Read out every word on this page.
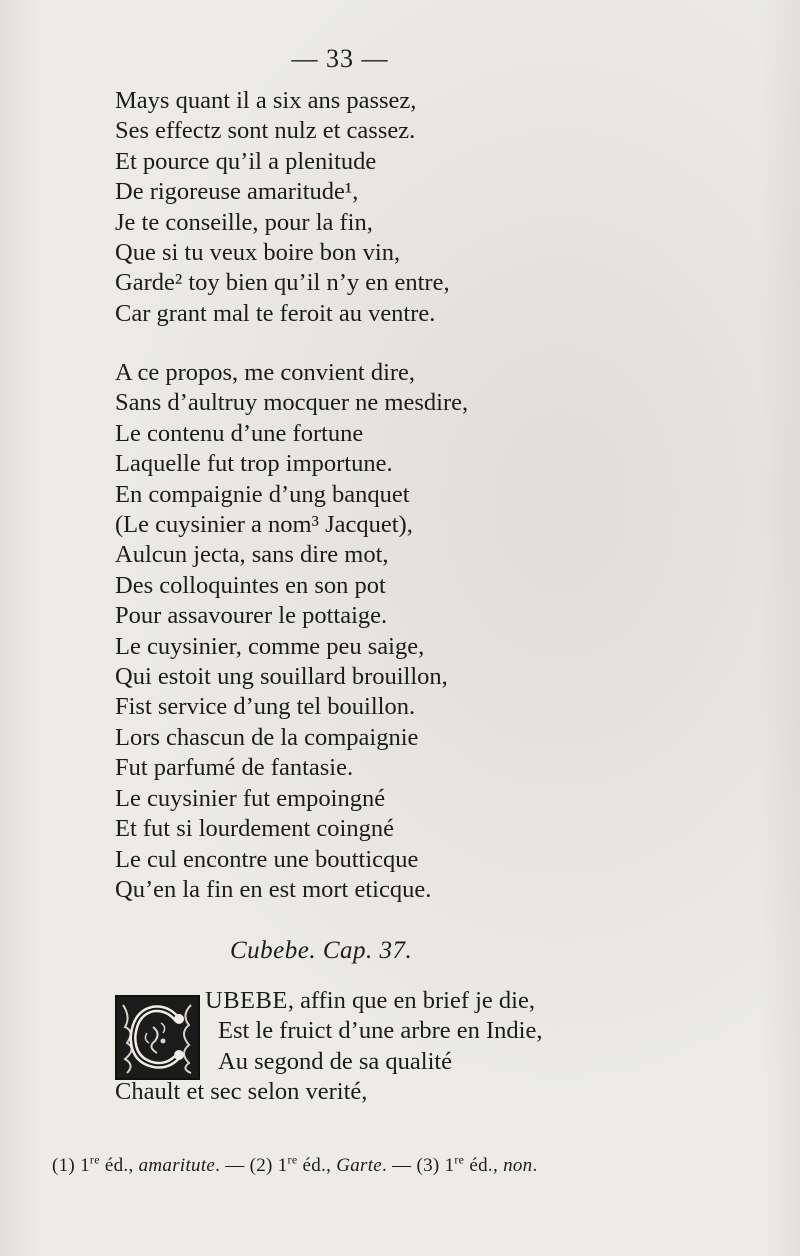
— 33 —
Mays quant il a six ans passez,
Ses effectz sont nulz et cassez.
Et pource qu’il a plenitude
De rigoreuse amaritude¹,
Je te conseille, pour la fin,
Que si tu veux boire bon vin,
Garde² toy bien qu’il n’y en entre,
Car grant mal te feroit au ventre.
A ce propos, me convient dire,
Sans d’aultruy mocquer ne mesdire,
Le contenu d’une fortune
Laquelle fut trop importune.
En compaignie d’ung banquet
(Le cuysinier a nom³ Jacquet),
Aulcun jecta, sans dire mot,
Des colloquintes en son pot
Pour assavourer le pottaige.
Le cuysinier, comme peu saige,
Qui estoit ung souillard brouillon,
Fist service d’ung tel bouillon.
Lors chascun de la compaignie
Fut parfumé de fantasie.
Le cuysinier fut empoingné
Et fut si lourdement coingné
Le cul encontre une boutticque
Qu’en la fin en est mort eticque.
Cubebe. Cap. 37.
UBEBE, affin que en brief je die,
Est le fruict d’une arbre en Indie,
Au segond de sa qualité
Chault et sec selon verité,
(1) 1re éd., amaritute. — (2) 1re éd., Garte. — (3) 1re éd., non.
